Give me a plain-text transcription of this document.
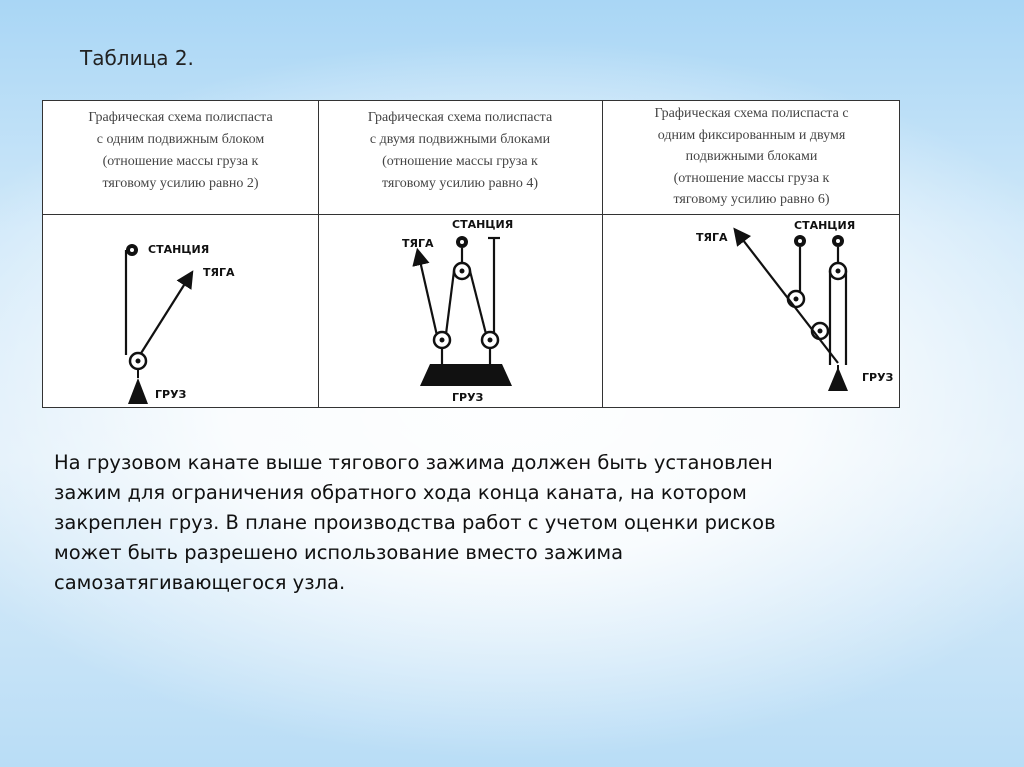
Таблица 2.
Графическая схема полиспаста
с одним подвижным блоком
(отношение массы груза к
тяговому усилию равно 2)
Графическая схема полиспаста
с двумя подвижными блоками
(отношение массы груза к
тяговому усилию равно 4)
Графическая схема полиспаста с
одним фиксированным и двумя
подвижными блоками
(отношение массы груза к
тяговому усилию равно 6)
СТАНЦИЯ
ТЯГА
ГРУЗ
СТАНЦИЯ
ТЯГА
ГРУЗ
СТАНЦИЯ
ТЯГА
ГРУЗ
На грузовом канате выше тягового зажима должен быть установлен
зажим для ограничения обратного хода конца каната, на котором
закреплен груз. В плане производства работ с учетом оценки рисков
может быть разрешено использование вместо зажима
самозатягивающегося узла.
